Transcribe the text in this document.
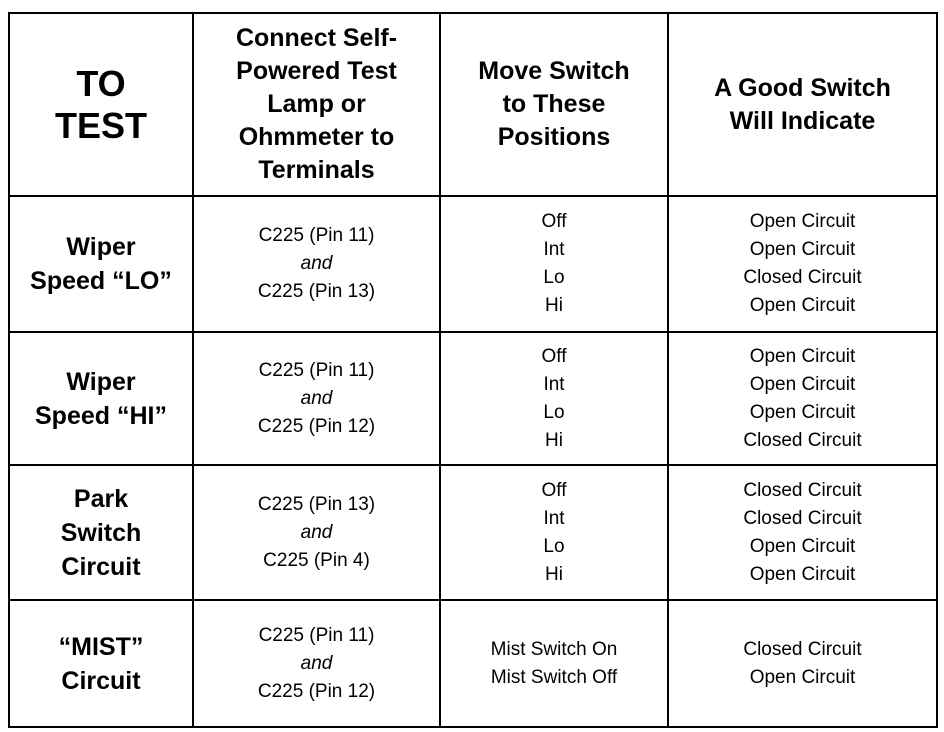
TO
TEST	Connect Self-
Powered Test
Lamp or
Ohmmeter to
Terminals	Move Switch
to These
Positions	A Good Switch
Will Indicate

Wiper
Speed “LO”	C225 (Pin 11)
and
C225 (Pin 13)	Off
Int
Lo
Hi	Open Circuit
Open Circuit
Closed Circuit
Open Circuit

Wiper
Speed “HI”	C225 (Pin 11)
and
C225 (Pin 12)	Off
Int
Lo
Hi	Open Circuit
Open Circuit
Open Circuit
Closed Circuit

Park
Switch
Circuit	C225 (Pin 13)
and
C225 (Pin 4)	Off
Int
Lo
Hi	Closed Circuit
Closed Circuit
Open Circuit
Open Circuit

“MIST”
Circuit	C225 (Pin 11)
and
C225 (Pin 12)	Mist Switch On
Mist Switch Off	Closed Circuit
Open Circuit
